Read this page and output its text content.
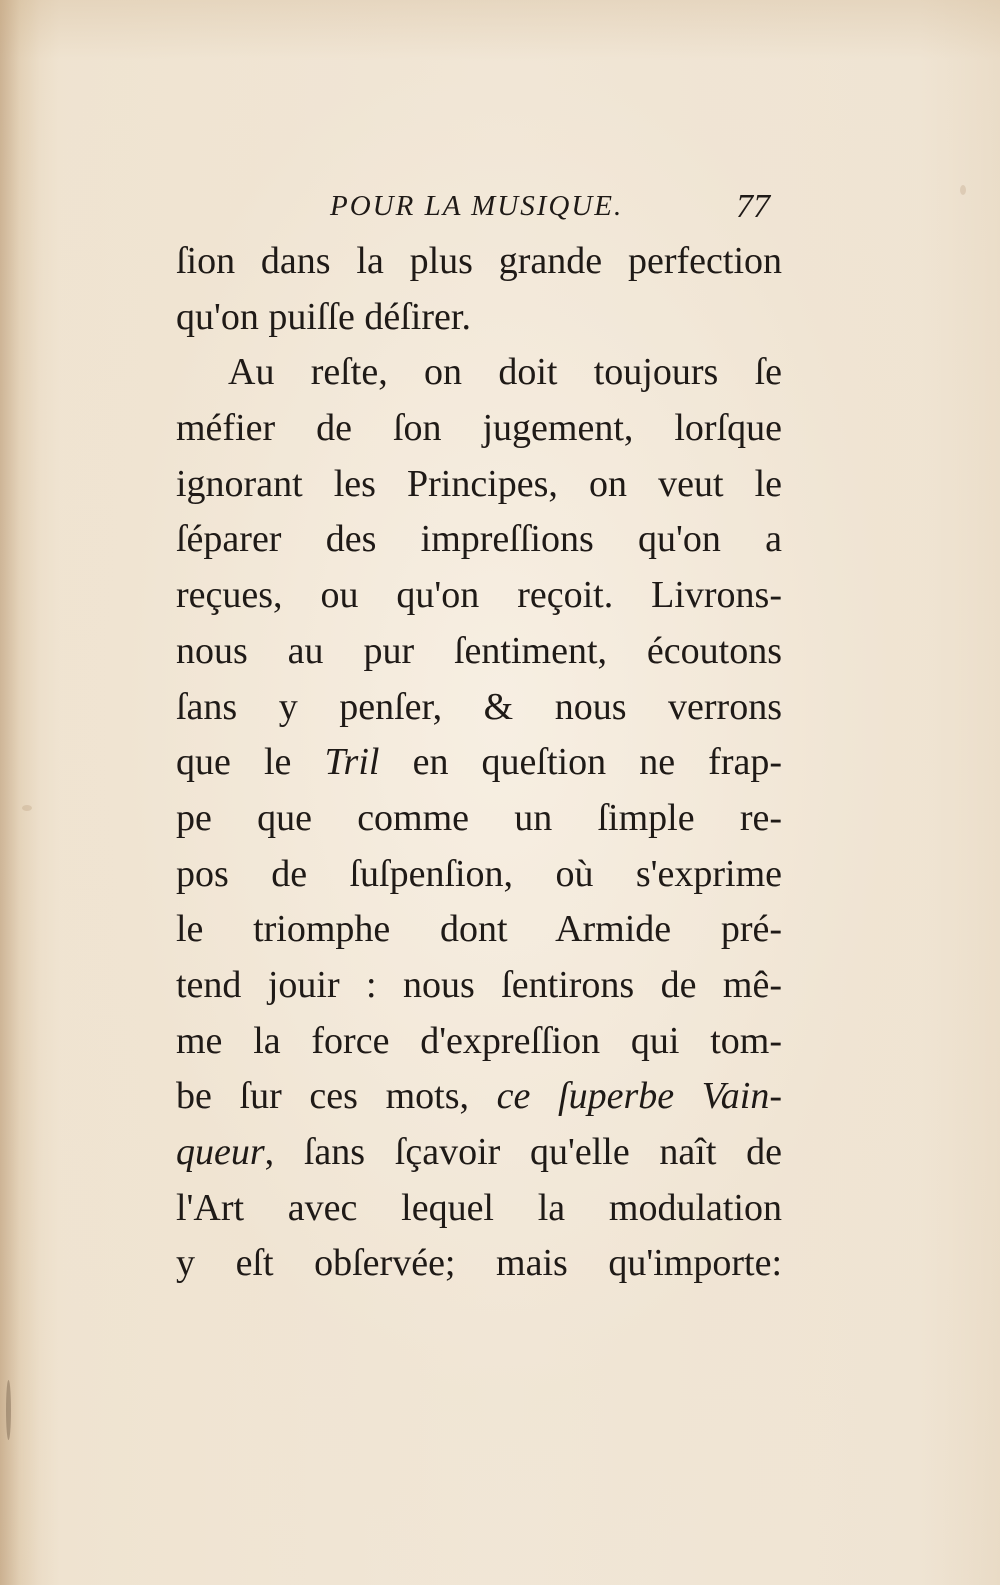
POUR LA MUSIQUE.	77
ſion dans la plus grande perfection
qu'on puiſſe déſirer.
Au reſte, on doit toujours ſe
méfier de ſon jugement, lorſque
ignorant les Principes, on veut le
ſéparer des impreſſions qu'on a
reçues, ou qu'on reçoit. Livrons-
nous au pur ſentiment, écoutons
ſans y penſer, & nous verrons
que le Tril en queſtion ne frap-
pe que comme un ſimple re-
pos de ſuſpenſion, où s'exprime
le triomphe dont Armide pré-
tend jouir : nous ſentirons de mê-
me la force d'expreſſion qui tom-
be ſur ces mots, ce ſuperbe Vain-
queur, ſans ſçavoir qu'elle naît de
l'Art avec lequel la modulation
y eſt obſervée; mais qu'importe:
